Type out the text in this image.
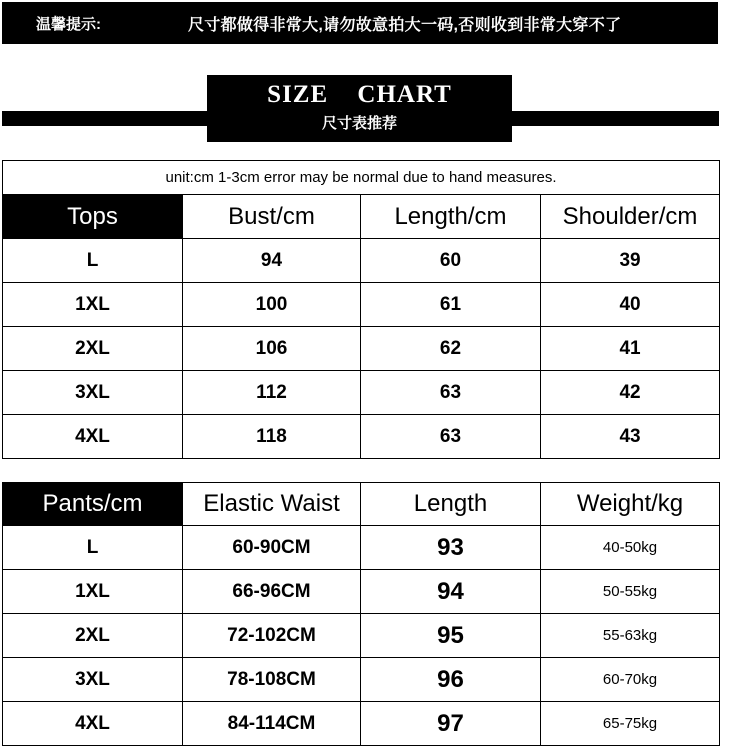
温馨提示:	尺寸都做得非常大,请勿故意拍大一码,否则收到非常大穿不了
SIZE CHART
尺寸表推荐
unit:cm 1-3cm error may be normal due to hand measures.			
Tops	Bust/cm	Length/cm	Shoulder/cm
L	94	60	39
1XL	100	61	40
2XL	106	62	41
3XL	112	63	42
4XL	118	63	43
Pants/cm	Elastic Waist	Length	Weight/kg
L	60-90CM	93	40-50kg
1XL	66-96CM	94	50-55kg
2XL	72-102CM	95	55-63kg
3XL	78-108CM	96	60-70kg
4XL	84-114CM	97	65-75kg
